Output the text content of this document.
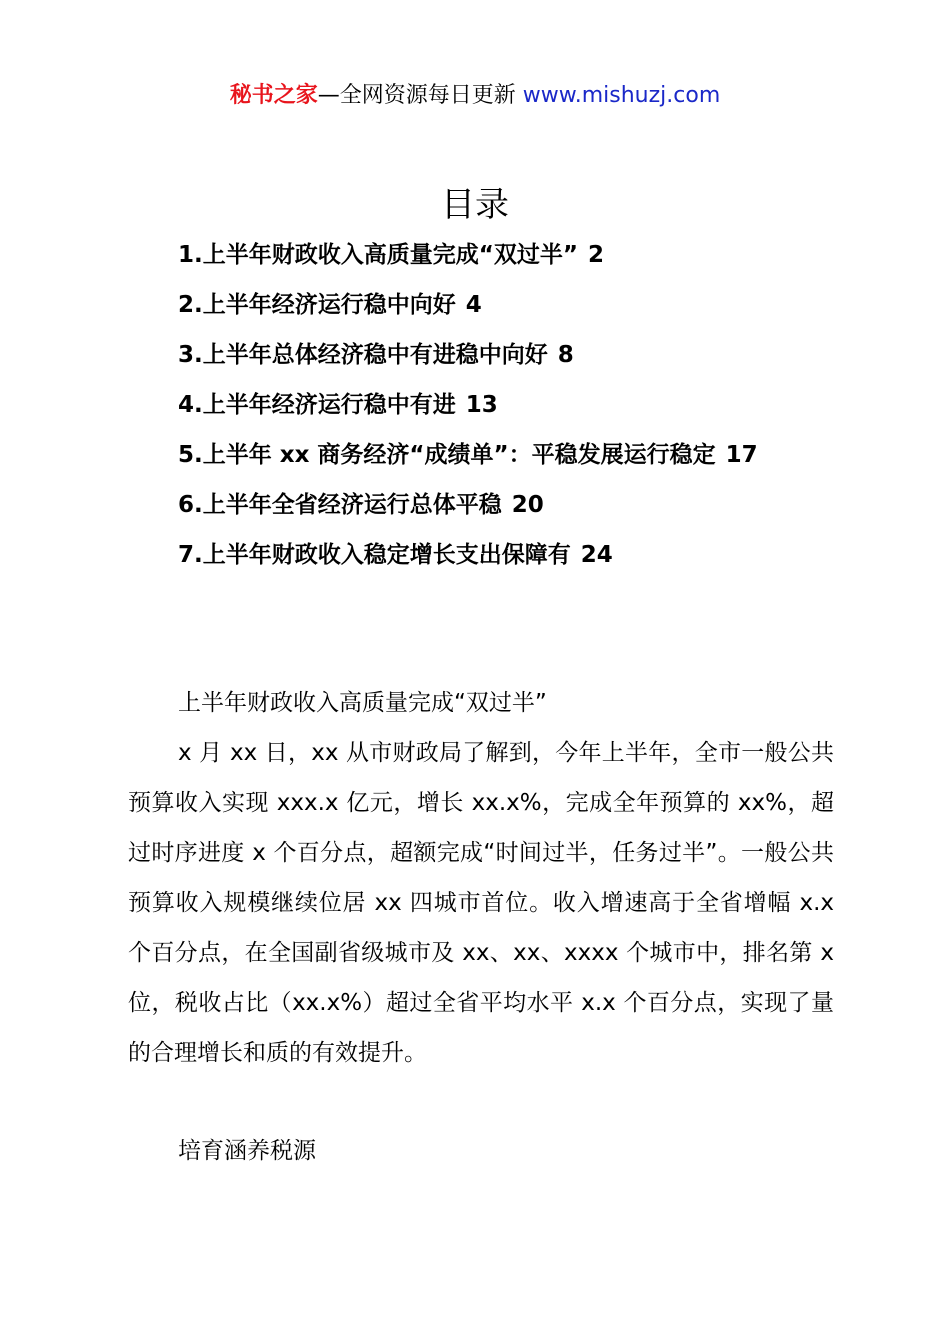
秘书之家—全网资源每日更新 www.mishuzj.com
目录
1.上半年财政收入高质量完成“双过半” 2
2.上半年经济运行稳中向好 4
3.上半年总体经济稳中有进稳中向好 8
4.上半年经济运行稳中有进 13
5.上半年 xx 商务经济“成绩单”：平稳发展运行稳定 17
6.上半年全省经济运行总体平稳 20
7.上半年财政收入稳定增长支出保障有 24
上半年财政收入高质量完成“双过半”

x 月 xx 日，xx 从市财政局了解到，今年上半年，全市一般公共预算收入实现 xxx.x 亿元，增长 xx.x%，完成全年预算的 xx%，超过时序进度 x 个百分点，超额完成“时间过半，任务过半”。一般公共预算收入规模继续位居 xx 四城市首位。收入增速高于全省增幅 x.x 个百分点，在全国副省级城市及 xx、xx、xxxx 个城市中，排名第 x 位，税收占比（xx.x%）超过全省平均水平 x.x 个百分点，实现了量的合理增长和质的有效提升。

培育涵养税源
